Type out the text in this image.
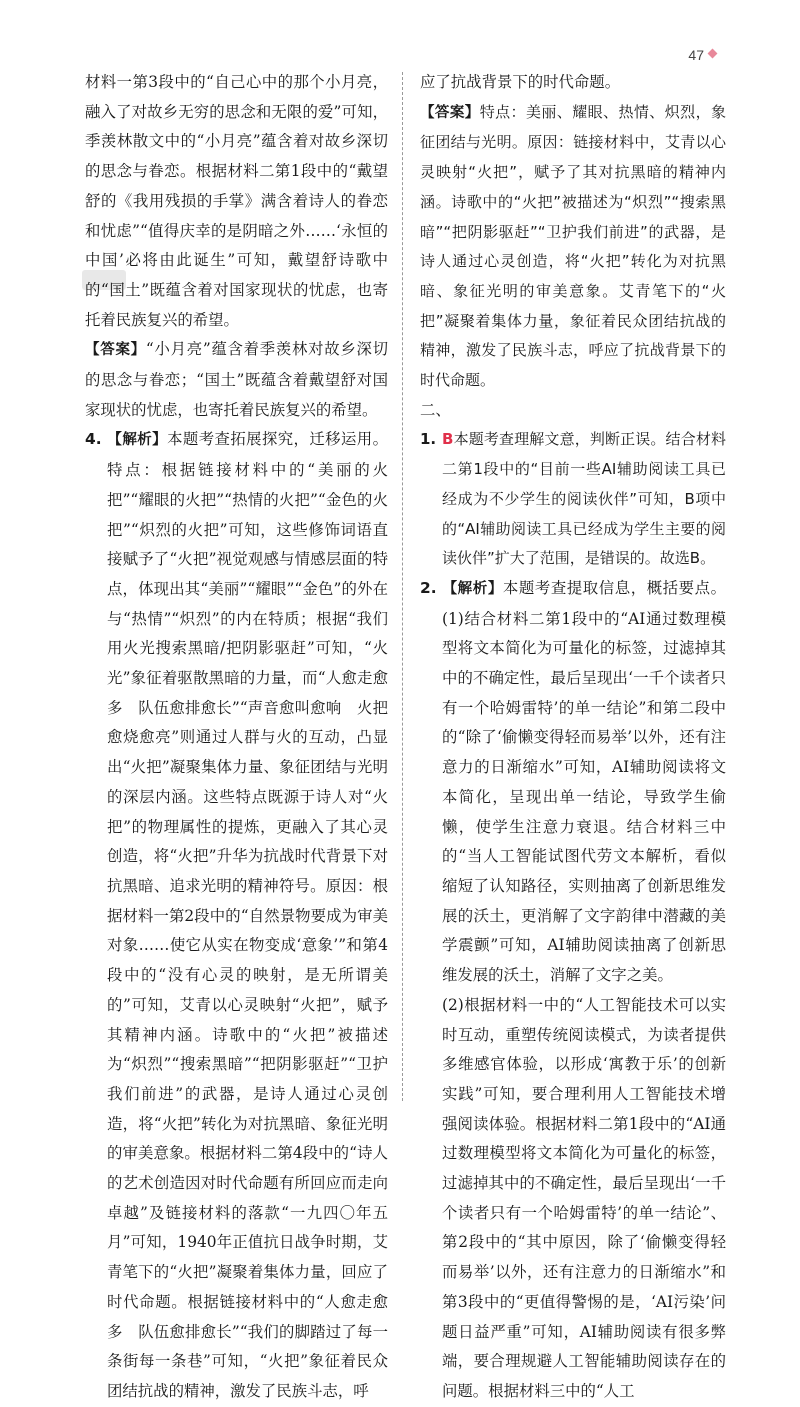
47

材料一第3段中的“自己心中的那个小月亮，融入了对故乡无穷的思念和无限的爱”可知，季羡林散文中的“小月亮”蕴含着对故乡深切的思念与眷恋。根据材料二第1段中的“戴望舒的《我用残损的手掌》满含着诗人的眷恋和忧虑”“值得庆幸的是阴暗之外……‘永恒的中国’必将由此诞生”可知，戴望舒诗歌中的“国土”既蕴含着对国家现状的忧虑，也寄托着民族复兴的希望。

【答案】“小月亮”蕴含着季羡林对故乡深切的思念与眷恋；“国土”既蕴含着戴望舒对国家现状的忧虑，也寄托着民族复兴的希望。

4. 【解析】本题考查拓展探究，迁移运用。特点：根据链接材料中的“美丽的火把”“耀眼的火把”“热情的火把”“金色的火把”“炽烈的火把”可知，这些修饰词语直接赋予了“火把”视觉观感与情感层面的特点，体现出其“美丽”“耀眼”“金色”的外在与“热情”“炽烈”的内在特质；根据“我们用火光搜索黑暗/把阴影驱赶”可知，“火光”象征着驱散黑暗的力量，而“人愈走愈多　队伍愈排愈长”“声音愈叫愈响　火把愈烧愈亮”则通过人群与火的互动，凸显出“火把”凝聚集体力量、象征团结与光明的深层内涵。这些特点既源于诗人对“火把”的物理属性的提炼，更融入了其心灵创造，将“火把”升华为抗战时代背景下对抗黑暗、追求光明的精神符号。原因：根据材料一第2段中的“自然景物要成为审美对象……使它从实在物变成‘意象’”和第4段中的“没有心灵的映射，是无所谓美的”可知，艾青以心灵映射“火把”，赋予其精神内涵。诗歌中的“火把”被描述为“炽烈”“搜索黑暗”“把阴影驱赶”“卫护我们前进”的武器，是诗人通过心灵创造，将“火把”转化为对抗黑暗、象征光明的审美意象。根据材料二第4段中的“诗人的艺术创造因对时代命题有所回应而走向卓越”及链接材料的落款“一九四〇年五月”可知，1940年正值抗日战争时期，艾青笔下的“火把”凝聚着集体力量，回应了时代命题。根据链接材料中的“人愈走愈多　队伍愈排愈长”“我们的脚踏过了每一条街每一条巷”可知，“火把”象征着民众团结抗战的精神，激发了民族斗志，呼

应了抗战背景下的时代命题。

【答案】特点：美丽、耀眼、热情、炽烈，象征团结与光明。原因：链接材料中，艾青以心灵映射“火把”，赋予了其对抗黑暗的精神内涵。诗歌中的“火把”被描述为“炽烈”“搜索黑暗”“把阴影驱赶”“卫护我们前进”的武器，是诗人通过心灵创造，将“火把”转化为对抗黑暗、象征光明的审美意象。艾青笔下的“火把”凝聚着集体力量，象征着民众团结抗战的精神，激发了民族斗志，呼应了抗战背景下的时代命题。

二、

1. B本题考查理解文意，判断正误。结合材料二第1段中的“目前一些AI辅助阅读工具已经成为不少学生的阅读伙伴”可知，B项中的“AI辅助阅读工具已经成为学生主要的阅读伙伴”扩大了范围，是错误的。故选B。

2. 【解析】本题考查提取信息，概括要点。(1)结合材料二第1段中的“AI通过数理模型将文本简化为可量化的标签，过滤掉其中的不确定性，最后呈现出‘一千个读者只有一个哈姆雷特’的单一结论”和第二段中的“除了‘偷懒变得轻而易举’以外，还有注意力的日渐缩水”可知，AI辅助阅读将文本简化，呈现出单一结论，导致学生偷懒，使学生注意力衰退。结合材料三中的“当人工智能试图代劳文本解析，看似缩短了认知路径，实则抽离了创新思维发展的沃土，更消解了文字韵律中潜藏的美学震颤”可知，AI辅助阅读抽离了创新思维发展的沃土，消解了文字之美。

(2)根据材料一中的“人工智能技术可以实时互动，重塑传统阅读模式，为读者提供多维感官体验，以形成‘寓教于乐’的创新实践”可知，要合理利用人工智能技术增强阅读体验。根据材料二第1段中的“AI通过数理模型将文本简化为可量化的标签，过滤掉其中的不确定性，最后呈现出‘一千个读者只有一个哈姆雷特’的单一结论”、第2段中的“其中原因，除了‘偷懒变得轻而易举’以外，还有注意力的日渐缩水”和第3段中的“更值得警惕的是，‘AI污染’问题日益严重”可知，AI辅助阅读有很多弊端，要合理规避人工智能辅助阅读存在的问题。根据材料三中的“人工
